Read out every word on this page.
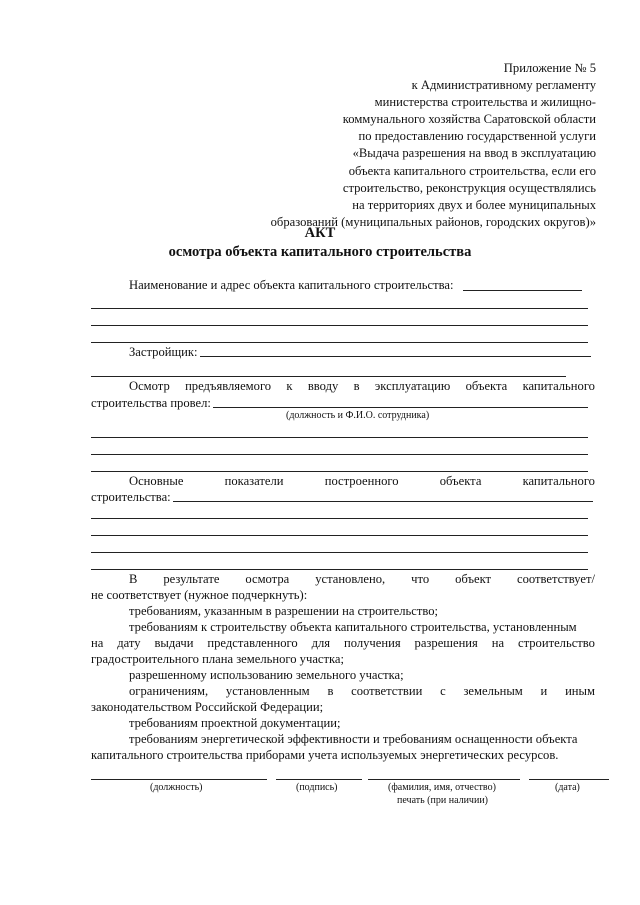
Приложение № 5
к Административному регламенту
министерства строительства и жилищно-
коммунального хозяйства Саратовской области
по предоставлению государственной услуги
«Выдача разрешения на ввод в эксплуатацию
объекта капитального строительства, если его
строительство, реконструкция осуществлялись
на территориях двух и более муниципальных
образований (муниципальных районов, городских округов)»
АКТ
осмотра объекта капитального строительства
Наименование и адрес объекта капитального строительства:
Застройщик:
Осмотр предъявляемого к вводу в эксплуатацию объекта капитального
строительства провел:
(должность и Ф.И.О. сотрудника)
Основные	показатели	построенного	объекта	капитального
строительства:
В результате осмотра установлено, что объект соответствует/
не соответствует (нужное подчеркнуть):
требованиям, указанным в разрешении на строительство;
требованиям к строительству объекта капитального строительства, установленным
на дату выдачи представленного для получения разрешения на строительство
градостроительного плана земельного участка;
разрешенному использованию земельного участка;
ограничениям, установленным в соответствии с земельным и иным
законодательством Российской Федерации;
требованиям проектной документации;
требованиям энергетической эффективности и требованиям оснащенности объекта
капитального строительства приборами учета используемых энергетических ресурсов.
(должность)	(подпись)	(фамилия, имя, отчество)	(дата)
печать (при наличии)
